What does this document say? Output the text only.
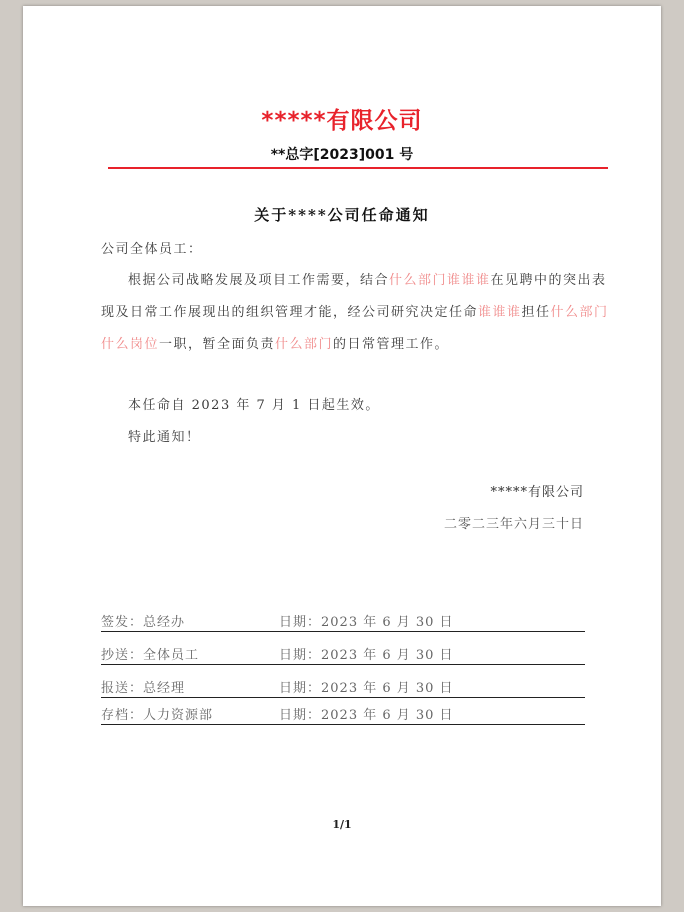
*****有限公司
**总字[2023]001 号
关于****公司任命通知
公司全体员工：
根据公司战略发展及项目工作需要，结合什么部门谁谁谁在见聘中的突出表现及日常工作展现出的组织管理才能，经公司研究决定任命谁谁谁担任什么部门什么岗位一职，暂全面负责什么部门的日常管理工作。
本任命自 2023 年 7 月 1 日起生效。
特此通知！
*****有限公司
二零二三年六月三十日
签发：总经办	日期：2023 年 6 月 30 日
抄送：全体员工	日期：2023 年 6 月 30 日
报送：总经理	日期：2023 年 6 月 30 日
存档：人力资源部	日期：2023 年 6 月 30 日
1/1
